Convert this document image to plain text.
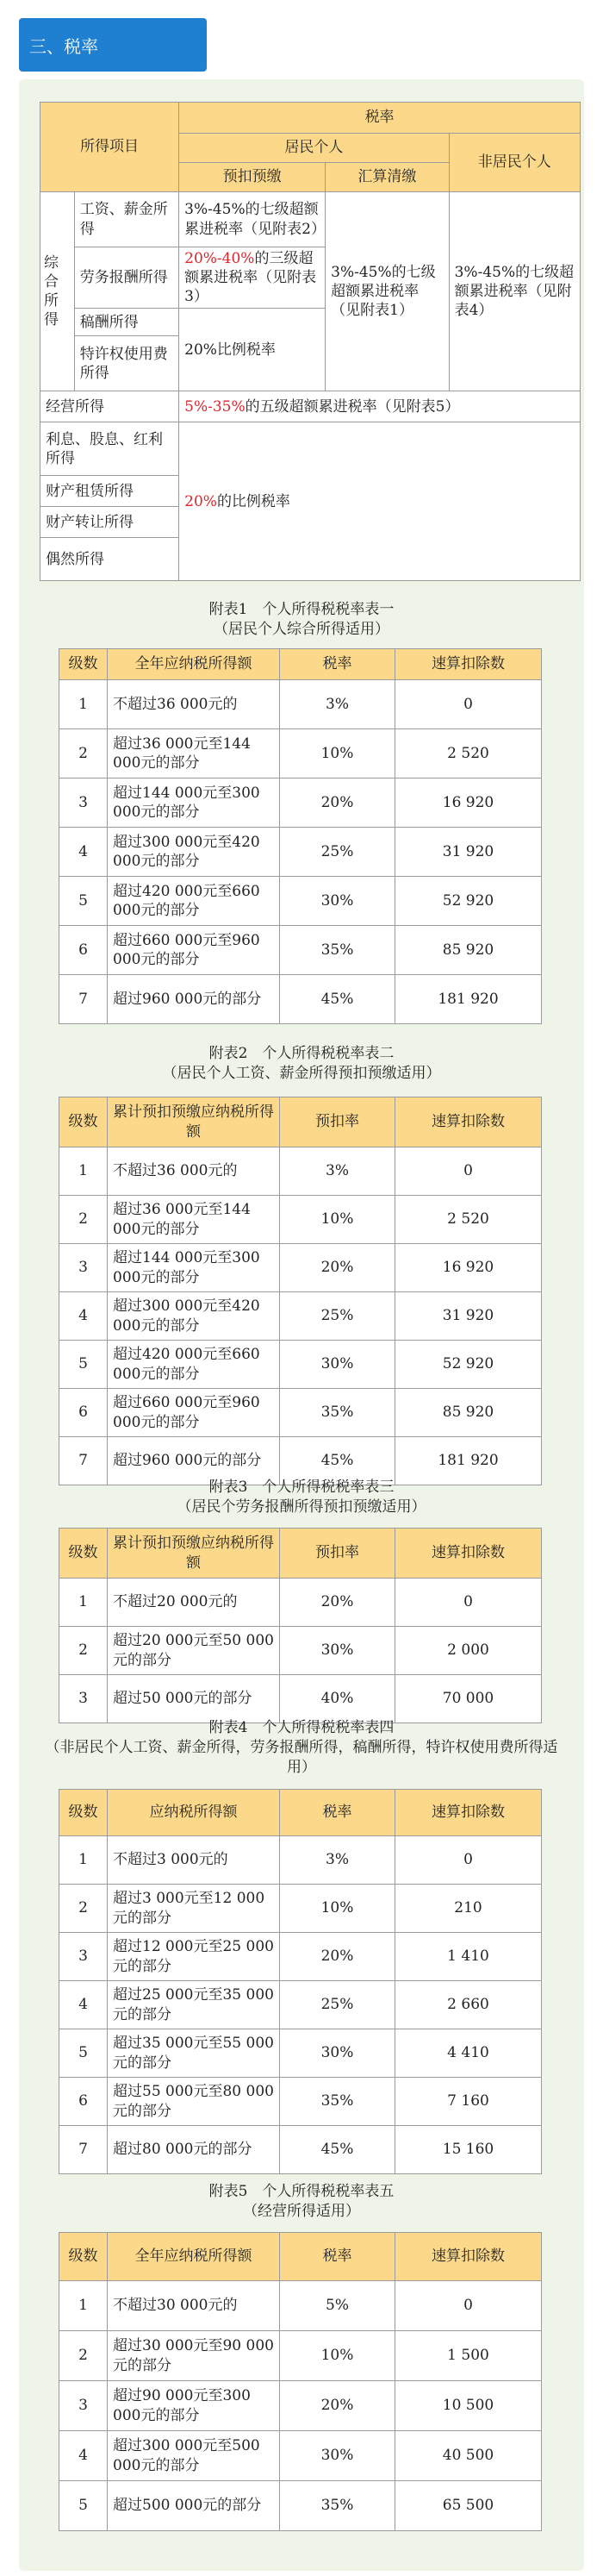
三、税率
所得项目		税率		
		居民个人		非居民个人
		预扣预缴	汇算清缴	
综合所得	工资、薪金所得	3%-45%的七级超额累进税率（见附表2）	3%-45%的七级超额累进税率（见附表1）	3%-45%的七级超额累进税率（见附表4）
	劳务报酬所得	20%-40%的三级超额累进税率（见附表3）		
	稿酬所得	20%比例税率		
	特许权使用费所得			
经营所得		5%-35%的五级超额累进税率（见附表5）		
利息、股息、红利所得		20%的比例税率		
财产租赁所得				
财产转让所得				
偶然所得				
附表1　个人所得税税率表一
（居民个人综合所得适用）
级数	全年应纳税所得额	税率	速算扣除数
1	不超过36 000元的	3%	0
2	超过36 000元至144 000元的部分	10%	2 520
3	超过144 000元至300 000元的部分	20%	16 920
4	超过300 000元至420 000元的部分	25%	31 920
5	超过420 000元至660 000元的部分	30%	52 920
6	超过660 000元至960 000元的部分	35%	85 920
7	超过960 000元的部分	45%	181 920
附表2　个人所得税税率表二
（居民个人工资、薪金所得预扣预缴适用）
级数	累计预扣预缴应纳税所得额	预扣率	速算扣除数
1	不超过36 000元的	3%	0
2	超过36 000元至144 000元的部分	10%	2 520
3	超过144 000元至300 000元的部分	20%	16 920
4	超过300 000元至420 000元的部分	25%	31 920
5	超过420 000元至660 000元的部分	30%	52 920
6	超过660 000元至960 000元的部分	35%	85 920
7	超过960 000元的部分	45%	181 920
附表3　个人所得税税率表三
（居民个劳务报酬所得预扣预缴适用）
级数	累计预扣预缴应纳税所得额	预扣率	速算扣除数
1	不超过20 000元的	20%	0
2	超过20 000元至50 000元的部分	30%	2 000
3	超过50 000元的部分	40%	70 000
附表4　个人所得税税率表四
（非居民个人工资、薪金所得，劳务报酬所得，稿酬所得，特许权使用费所得适用）
级数	应纳税所得额	税率	速算扣除数
1	不超过3 000元的	3%	0
2	超过3 000元至12 000元的部分	10%	210
3	超过12 000元至25 000元的部分	20%	1 410
4	超过25 000元至35 000元的部分	25%	2 660
5	超过35 000元至55 000元的部分	30%	4 410
6	超过55 000元至80 000元的部分	35%	7 160
7	超过80 000元的部分	45%	15 160
附表5　个人所得税税率表五
（经营所得适用）
级数	全年应纳税所得额	税率	速算扣除数
1	不超过30 000元的	5%	0
2	超过30 000元至90 000元的部分	10%	1 500
3	超过90 000元至300 000元的部分	20%	10 500
4	超过300 000元至500 000元的部分	30%	40 500
5	超过500 000元的部分	35%	65 500
